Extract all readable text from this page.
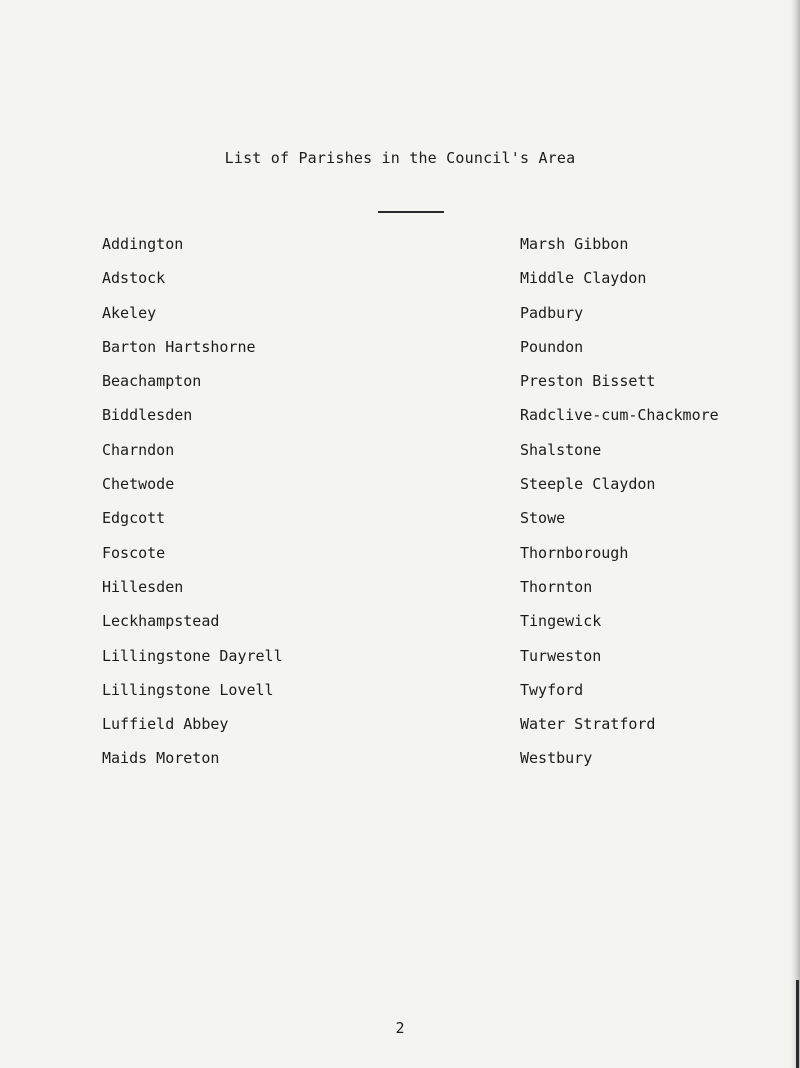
List of Parishes in the Council's Area
Addington
Adstock
Akeley
Barton Hartshorne
Beachampton
Biddlesden
Charndon
Chetwode
Edgcott
Foscote
Hillesden
Leckhampstead
Lillingstone Dayrell
Lillingstone Lovell
Luffield Abbey
Maids Moreton
Marsh Gibbon
Middle Claydon
Padbury
Poundon
Preston Bissett
Radclive-cum-Chackmore
Shalstone
Steeple Claydon
Stowe
Thornborough
Thornton
Tingewick
Turweston
Twyford
Water Stratford
Westbury
2
